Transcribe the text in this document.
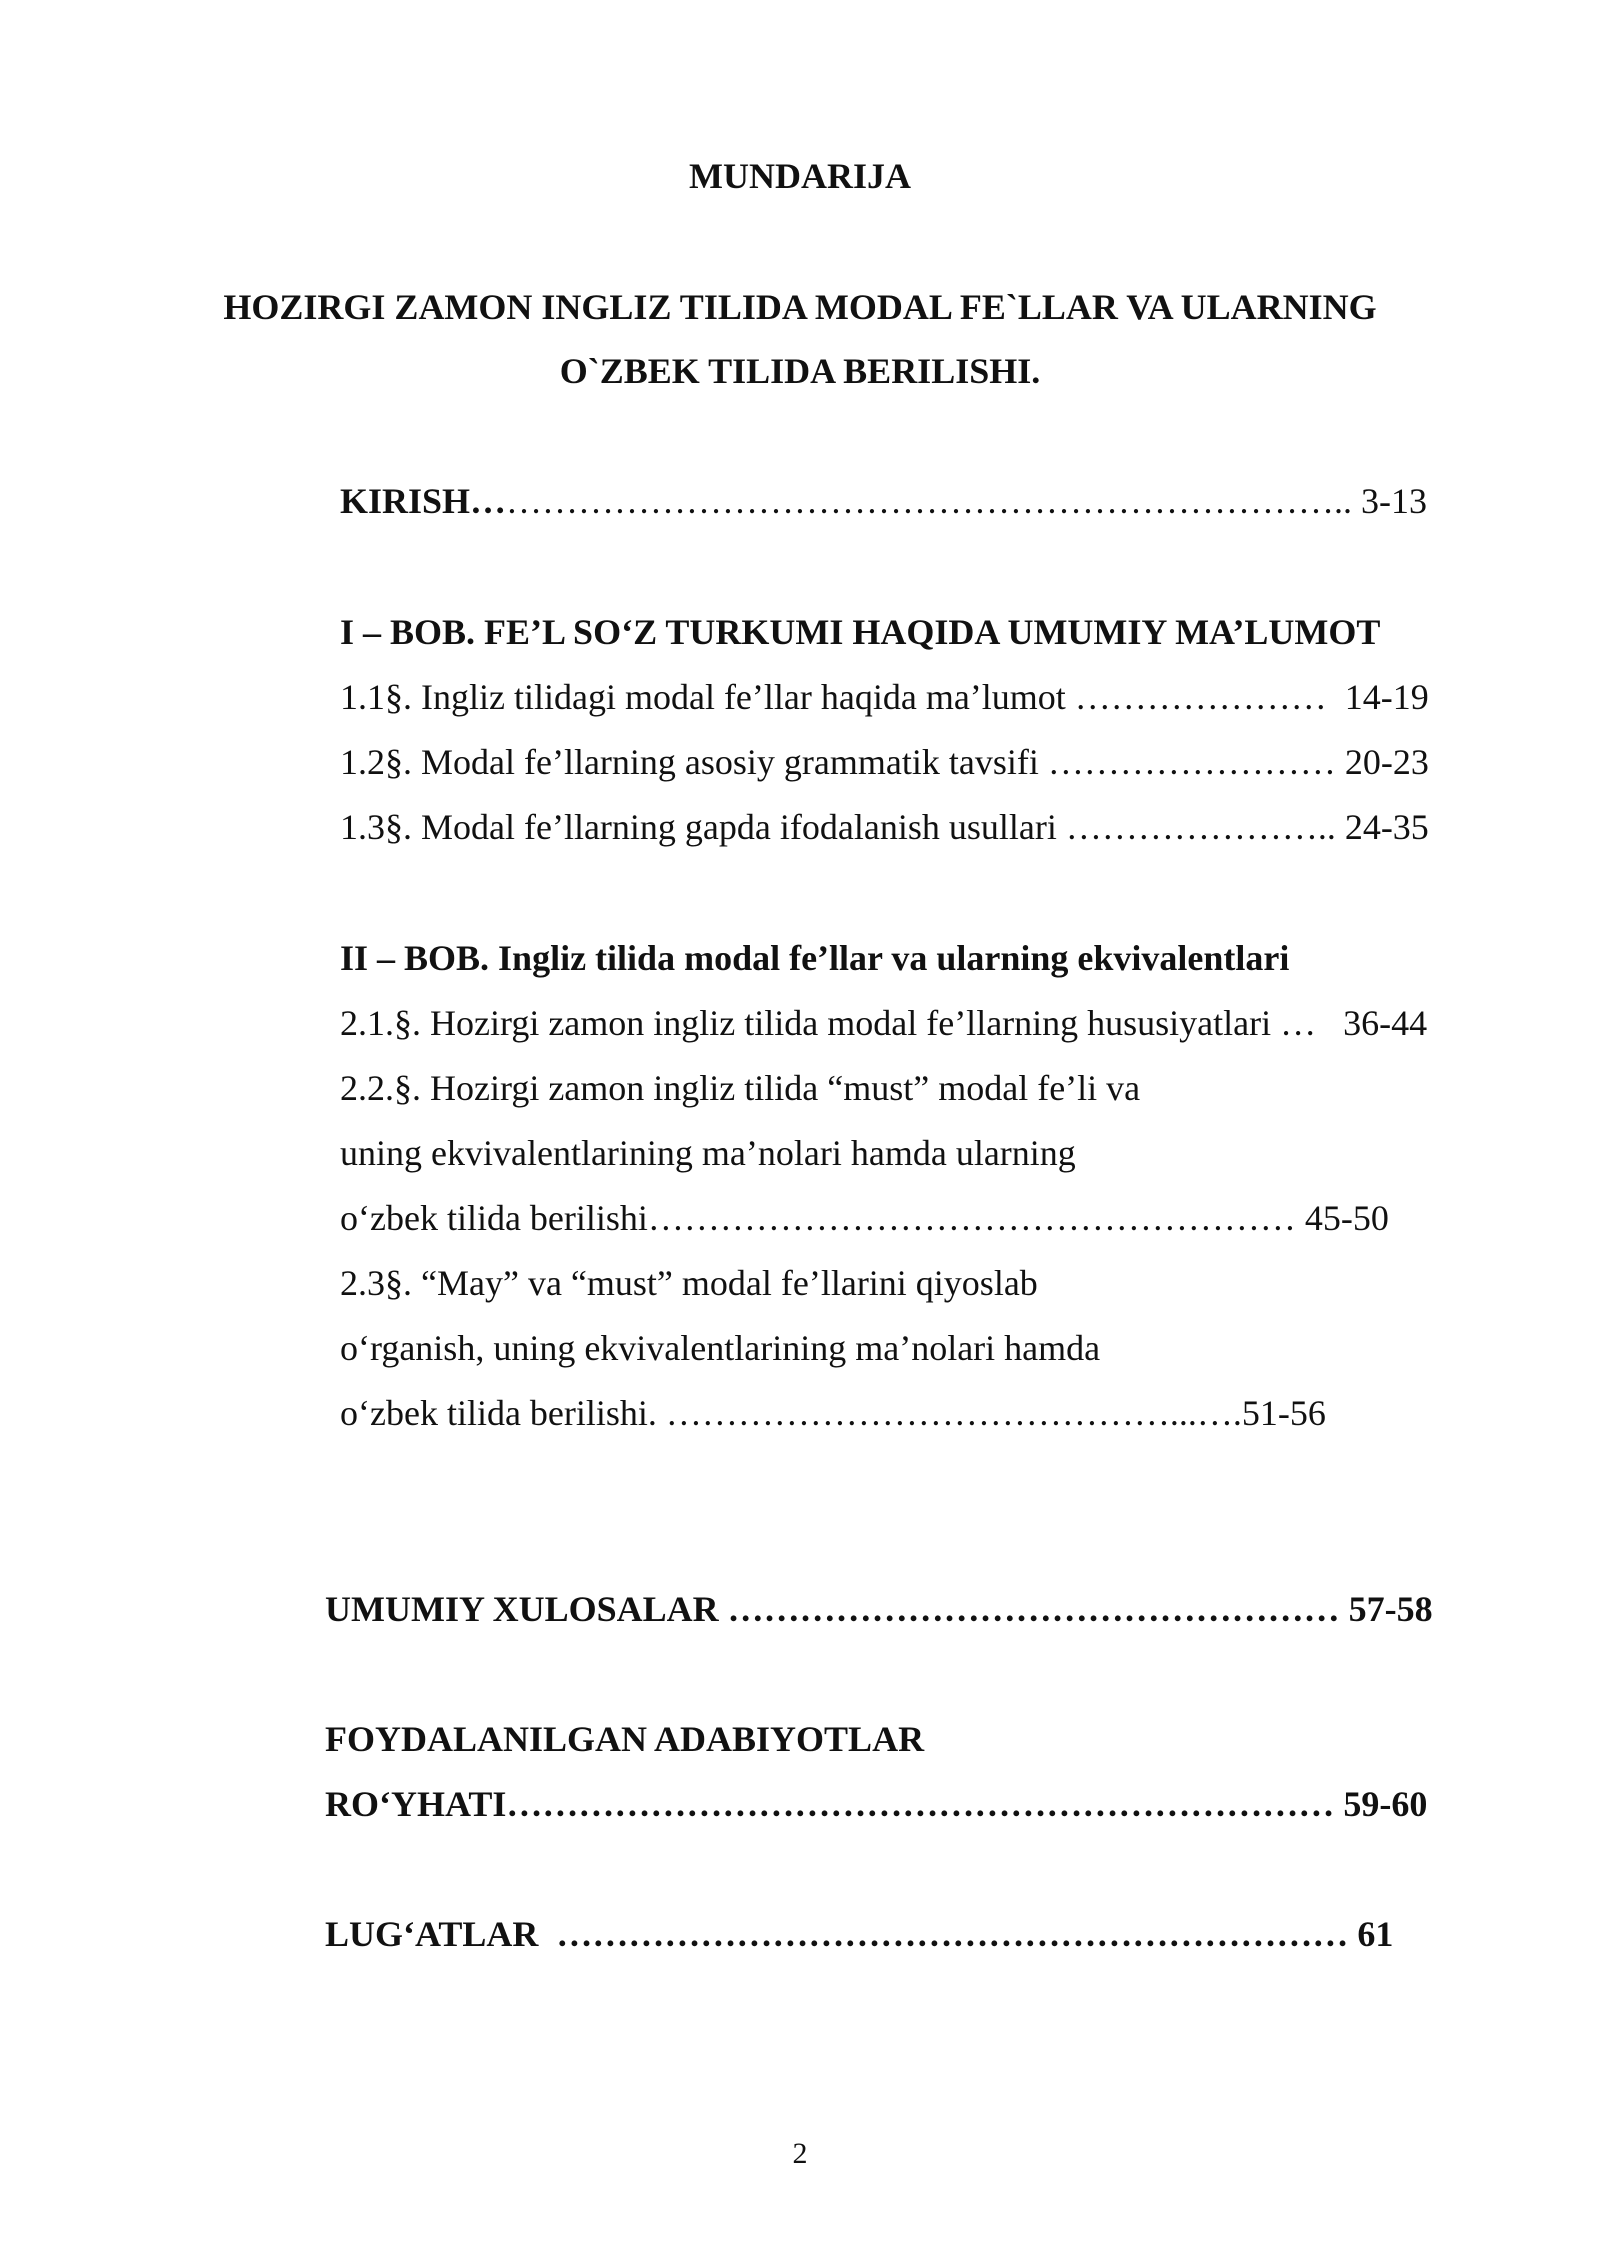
MUNDARIJA
HOZIRGI ZAMON INGLIZ TILIDA MODAL FE`LLAR VA ULARNING
O`ZBEK TILIDA BERILISHI.
KIRISH……………………………………………………………….. 3-13
I – BOB. FE’L SO‘Z TURKUMI HAQIDA UMUMIY MA’LUMOT
1.1§. Ingliz tilidagi modal fe’llar haqida ma’lumot …………………  14-19
1.2§. Modal fe’llarning asosiy grammatik tavsifi …………………… 20-23
1.3§. Modal fe’llarning gapda ifodalanish usullari ………………….. 24-35
II – BOB. Ingliz tilida modal fe’llar va ularning ekvivalentlari
2.1.§. Hozirgi zamon ingliz tilida modal fe’llarning hususiyatlari …   36-44
2.2.§. Hozirgi zamon ingliz tilida “must” modal fe’li va
uning ekvivalentlarining ma’nolari hamda ularning
o‘zbek tilida berilishi……………………………………………… 45-50
2.3§. “May” va “must” modal fe’llarini qiyoslab
o‘rganish, uning ekvivalentlarining ma’nolari hamda
o‘zbek tilida berilishi. ……………………………………...….51-56
UMUMIY XULOSALAR …………………………………………… 57-58
FOYDALANILGAN ADABIYOTLAR
RO‘YHATI…………………………………………………………… 59-60
LUG‘ATLAR  ………………………………………………………… 61
2
